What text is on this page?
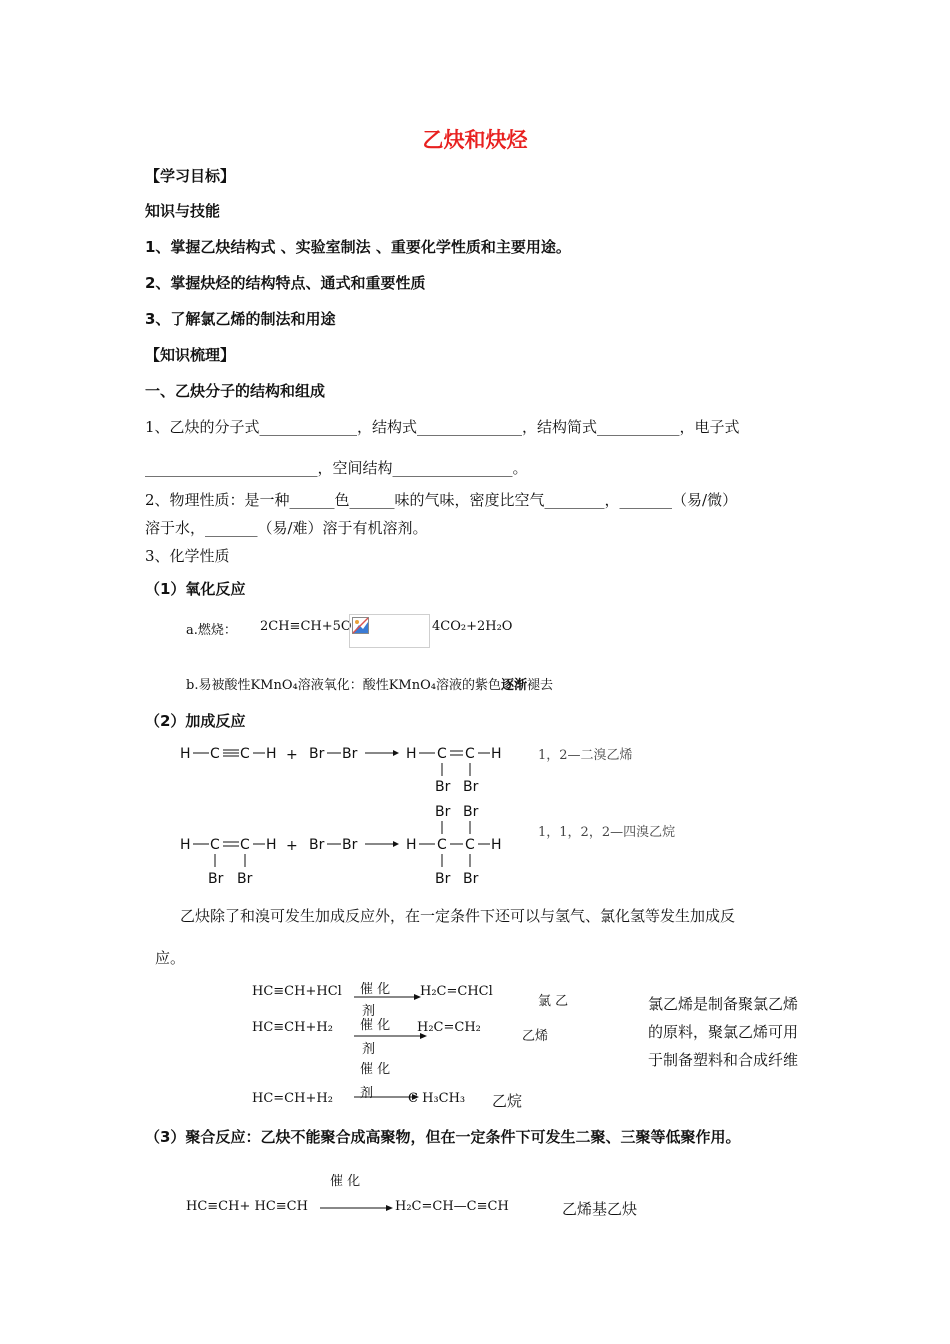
乙炔和炔烃
【学习目标】
知识与技能
1、掌握乙炔结构式 、实验室制法 、重要化学性质和主要用途。
2、掌握炔烃的结构特点、通式和重要性质
3、了解氯乙烯的制法和用途
【知识梳理】
一、乙炔分子的结构和组成
1、乙炔的分子式_____________，结构式______________，结构简式___________，电子式
_______________________，空间结构________________。
2、物理性质：是一种______色______味的气味，密度比空气________，_______（易/微）
溶于水，_______（易/难）溶于有机溶剂。
3、化学性质
（1）氧化反应
a.燃烧： 2CH≡CH+5O	4CO₂+2H₂O
b.易被酸性KMnO₄溶液氧化：酸性KMnO₄溶液的紫色逐渐褪去
（2）加成反应
H C C H + Br Br	H C C H
Br Br
1，2—二溴乙烯
Br Br
H C C H
Br Br
+ Br Br	H C C H
Br Br
1，1，2，2—四溴乙烷
乙炔除了和溴可发生加成反应外，在一定条件下还可以与氢气、氯化氢等发生加成反
应。
HC≡CH+HCl 催 化
剂
H₂C=CHCl
氯 乙
HC≡CH+H₂ 催 化
剂
H₂C=CH₂
乙烯
氯乙烯是制备聚氯乙烯
的原料，聚氯乙烯可用
于制备塑料和合成纤维
催 化
HC=CH+H₂ 剂	C H₃CH₃ 乙烷
（3）聚合反应：乙炔不能聚合成高聚物，但在一定条件下可发生二聚、三聚等低聚作用。
催 化
HC≡CH+ HC≡CH	H₂C=CH—C≡CH	乙烯基乙炔
